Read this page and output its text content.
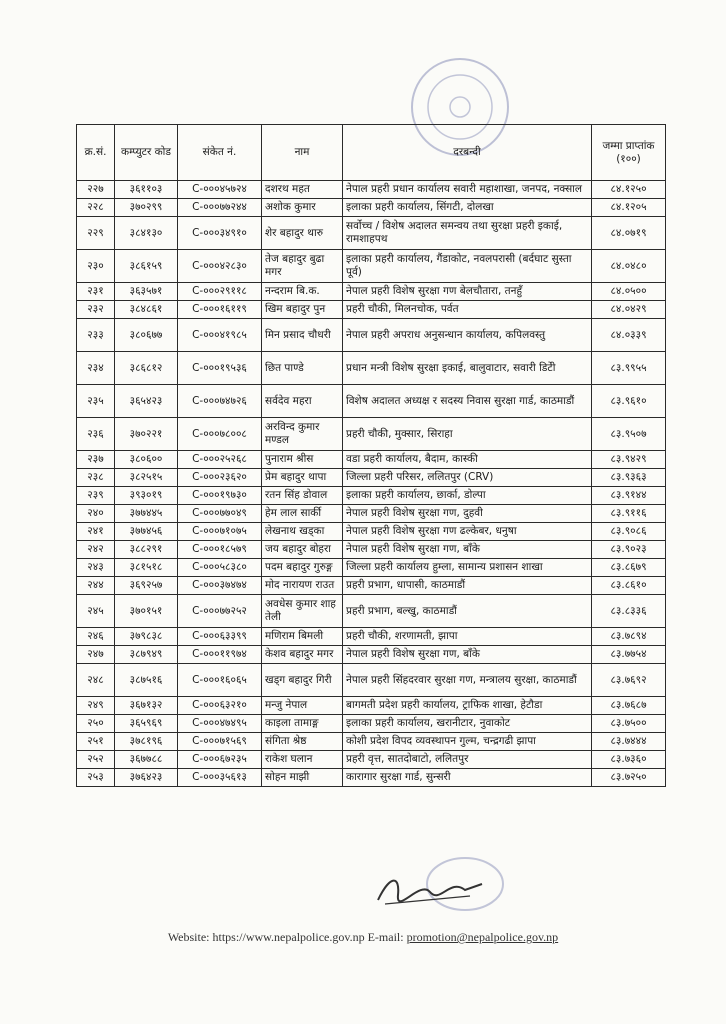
क्र.सं.	कम्प्युटर कोड	संकेत नं.	नाम	दरबन्दी	जम्मा प्राप्तांक (१००)
२२७	३६११०३	C-०००४५७२४	दशरथ महत	नेपाल प्रहरी प्रधान कार्यालय सवारी महाशाखा, जनपद, नक्साल	८४.१२५०
२२८	३७०२९९	C-०००७७२४४	अशोक कुमार	इलाका प्रहरी कार्यालय, सिंगटी, दोलखा	८४.१२०५
२२९	३८४१३०	C-०००३४९१०	शेर बहादुर थारु	सर्वोच्च / विशेष अदालत समन्वय तथा सुरक्षा प्रहरी इकाई, रामशाहपथ	८४.०७१९
२३०	३८६१५९	C-०००४२८३०	तेज बहादुर बुढा मगर	इलाका प्रहरी कार्यालय, गैंडाकोट, नवलपरासी (बर्दघाट सुस्ता पूर्व)	८४.०४८०
२३१	३६३५७१	C-०००२९११८	नन्दराम बि.क.	नेपाल प्रहरी विशेष सुरक्षा गण बेलचौतारा, तनहुँ	८४.०५००
२३२	३८४८६१	C-०००१६११९	खिम बहादुर पुन	प्रहरी चौकी, मिलनचोक, पर्वत	८४.०४२९
२३३	३८०६७७	C-०००४१९८५	मिन प्रसाद चौधरी	नेपाल प्रहरी अपराध अनुसन्धान कार्यालय, कपिलवस्तु	८४.०३३९
२३४	३८६८१२	C-०००१९५३६	छित पाण्डे	प्रधान मन्त्री विशेष सुरक्षा इकाई, बालुवाटार, सवारी डिटेी	८३.९९५५
२३५	३६५४२३	C-०००७४७२६	सर्वदेव महरा	विशेष अदालत अध्यक्ष र सदस्य निवास सुरक्षा गार्ड, काठमाडौं	८३.९६१०
२३६	३७०२२१	C-०००७८००८	अरविन्द कुमार मण्डल	प्रहरी चौकी, मुक्सार, सिराहा	८३.९५०७
२३७	३८०६००	C-०००२५२६८	पुनाराम श्रीस	वडा प्रहरी कार्यालय, बैदाम, कास्की	८३.९४२९
२३८	३८२५१५	C-०००२३६२०	प्रेम बहादुर थापा	जिल्ला प्रहरी परिसर, ललितपुर (CRV)	८३.९३६३
२३९	३९३०१९	C-०००१९७३०	रतन सिंह डोवाल	इलाका प्रहरी कार्यालय, छार्का, डोल्पा	८३.९१४४
२४०	३७७४४५	C-०००७७०४९	हेम लाल सार्की	नेपाल प्रहरी विशेष सुरक्षा गण, दुहवी	८३.९११६
२४१	३७७४५६	C-०००७१०७५	लेखनाथ खड्का	नेपाल प्रहरी विशेष सुरक्षा गण ढल्केबर, धनुषा	८३.९०८६
२४२	३८८२९१	C-०००१८५७९	जय बहादुर बोहरा	नेपाल प्रहरी विशेष सुरक्षा गण, बाँके	८३.९०२३
२४३	३८१५१८	C-०००५८३८०	पदम बहादुर गुरुङ्ग	जिल्ला प्रहरी कार्यालय हुम्ला, सामान्य प्रशासन शाखा	८३.८६७९
२४४	३६९२५७	C-०००३७४७४	मोद नारायण राउत	प्रहरी प्रभाग, धापासी, काठमाडौं	८३.८६१०
२४५	३७०१५१	C-०००७७२५२	अवधेस कुमार शाह तेली	प्रहरी प्रभाग, बल्खु, काठमाडौं	८३.८३३६
२४६	३७९८३८	C-०००६३३९९	मणिराम बिमली	प्रहरी चौकी, शरणामती, झापा	८३.७८९४
२४७	३८७९४९	C-०००११९७४	केशव बहादुर मगर	नेपाल प्रहरी विशेष सुरक्षा गण, बाँके	८३.७७५४
२४८	३८७५१६	C-०००१६०६५	खड्ग बहादुर गिरी	नेपाल प्रहरी सिंहदरवार सुरक्षा गण, मन्त्रालय सुरक्षा, काठमाडौं	८३.७६९२
२४९	३६७१३२	C-०००६३२१०	मन्जु नेपाल	बागमती प्रदेश प्रहरी कार्यालय, ट्राफिक शाखा, हेटौडा	८३.७६८७
२५०	३६५९६९	C-०००४७४९५	काइला तामाङ्ग	इलाका प्रहरी कार्यालय, खरानीटार, नुवाकोट	८३.७५००
२५१	३७८१९६	C-०००७१५६९	संगिता श्रेष्ठ	कोशी प्रदेश विपद व्यवस्थापन गुल्म, चन्द्रगढी झापा	८३.७४४४
२५२	३६७७८८	C-०००६७२३५	राकेश घलान	प्रहरी वृत्त, सातदोबाटो, ललितपुर	८३.७३६०
२५३	३७६४२३	C-०००३५६१३	सोहन माझी	कारागार सुरक्षा गार्ड, सुन्सरी	८३.७२५०
Website: https://www.nepalpolice.gov.np E-mail: promotion@nepalpolice.gov.np
